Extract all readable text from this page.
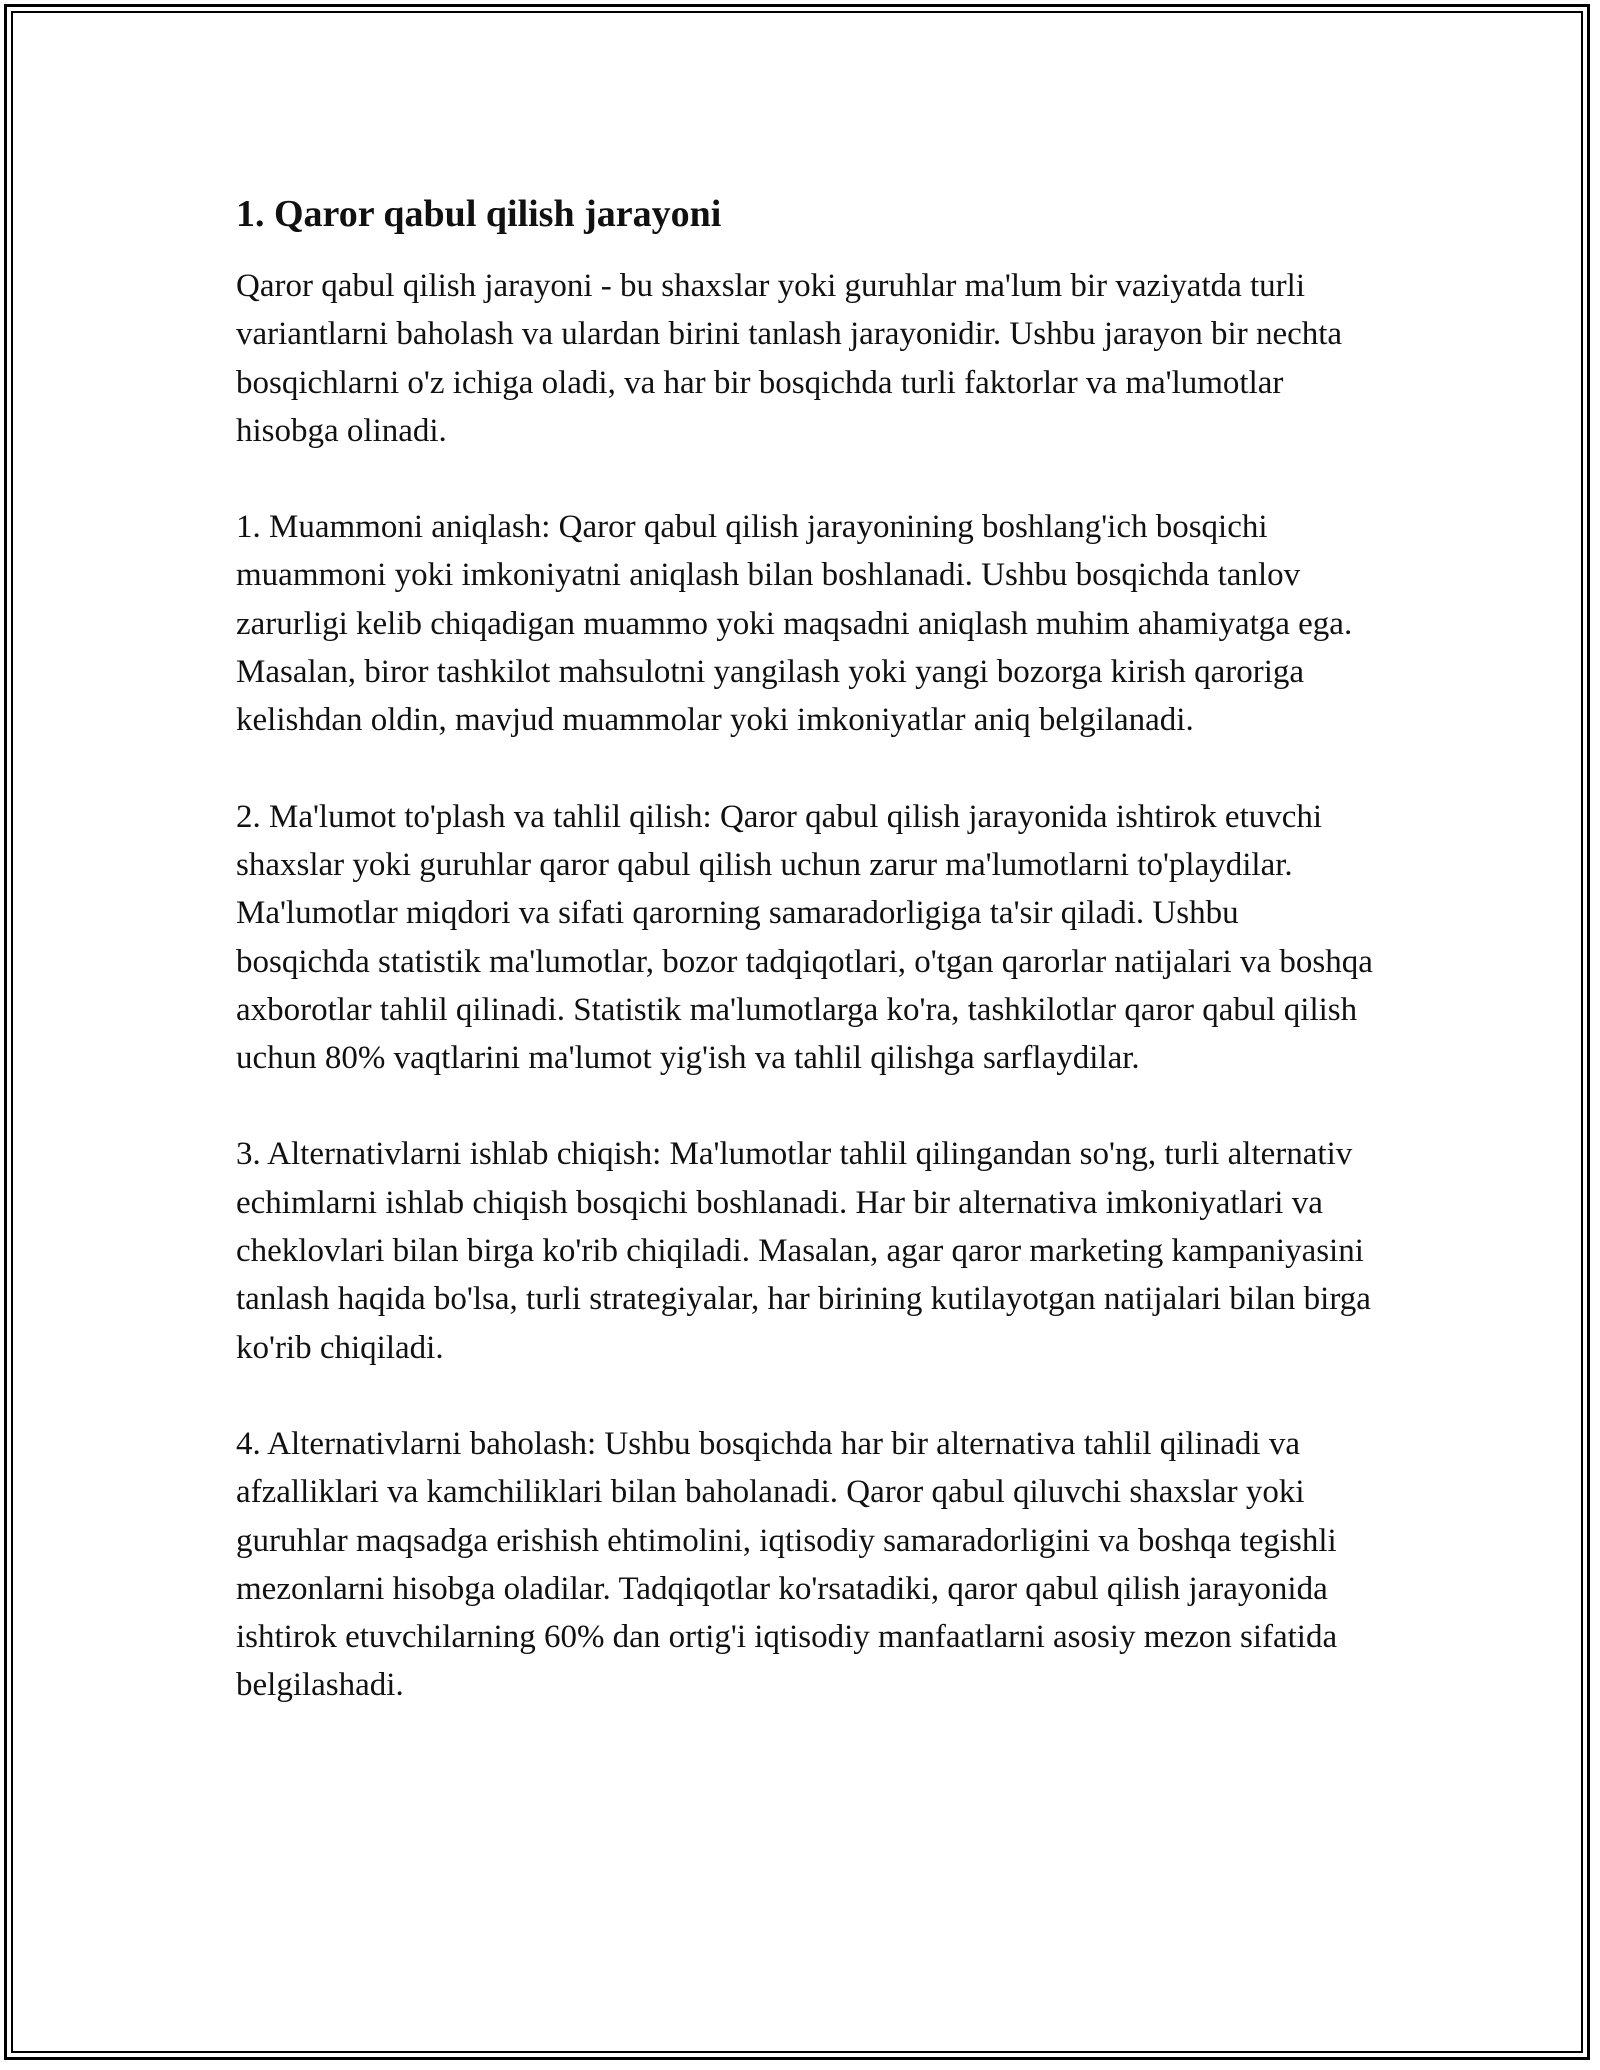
1. Qaror qabul qilish jarayoni

Qaror qabul qilish jarayoni - bu shaxslar yoki guruhlar ma'lum bir vaziyatda turli variantlarni baholash va ulardan birini tanlash jarayonidir. Ushbu jarayon bir nechta bosqichlarni o'z ichiga oladi, va har bir bosqichda turli faktorlar va ma'lumotlar hisobga olinadi.

1. Muammoni aniqlash: Qaror qabul qilish jarayonining boshlang'ich bosqichi muammoni yoki imkoniyatni aniqlash bilan boshlanadi. Ushbu bosqichda tanlov zarurligi kelib chiqadigan muammo yoki maqsadni aniqlash muhim ahamiyatga ega. Masalan, biror tashkilot mahsulotni yangilash yoki yangi bozorga kirish qaroriga kelishdan oldin, mavjud muammolar yoki imkoniyatlar aniq belgilanadi.

2. Ma'lumot to'plash va tahlil qilish: Qaror qabul qilish jarayonida ishtirok etuvchi shaxslar yoki guruhlar qaror qabul qilish uchun zarur ma'lumotlarni to'playdilar. Ma'lumotlar miqdori va sifati qarorning samaradorligiga ta'sir qiladi. Ushbu bosqichda statistik ma'lumotlar, bozor tadqiqotlari, o'tgan qarorlar natijalari va boshqa axborotlar tahlil qilinadi. Statistik ma'lumotlarga ko'ra, tashkilotlar qaror qabul qilish uchun 80% vaqtlarini ma'lumot yig'ish va tahlil qilishga sarflaydilar.

3. Alternativlarni ishlab chiqish: Ma'lumotlar tahlil qilingandan so'ng, turli alternativ echimlarni ishlab chiqish bosqichi boshlanadi. Har bir alternativa imkoniyatlari va cheklovlari bilan birga ko'rib chiqiladi. Masalan, agar qaror marketing kampaniyasini tanlash haqida bo'lsa, turli strategiyalar, har birining kutilayotgan natijalari bilan birga ko'rib chiqiladi.

4. Alternativlarni baholash: Ushbu bosqichda har bir alternativa tahlil qilinadi va afzalliklari va kamchiliklari bilan baholanadi. Qaror qabul qiluvchi shaxslar yoki guruhlar maqsadga erishish ehtimolini, iqtisodiy samaradorligini va boshqa tegishli mezonlarni hisobga oladilar. Tadqiqotlar ko'rsatadiki, qaror qabul qilish jarayonida ishtirok etuvchilarning 60% dan ortig'i iqtisodiy manfaatlarni asosiy mezon sifatida belgilashadi.
